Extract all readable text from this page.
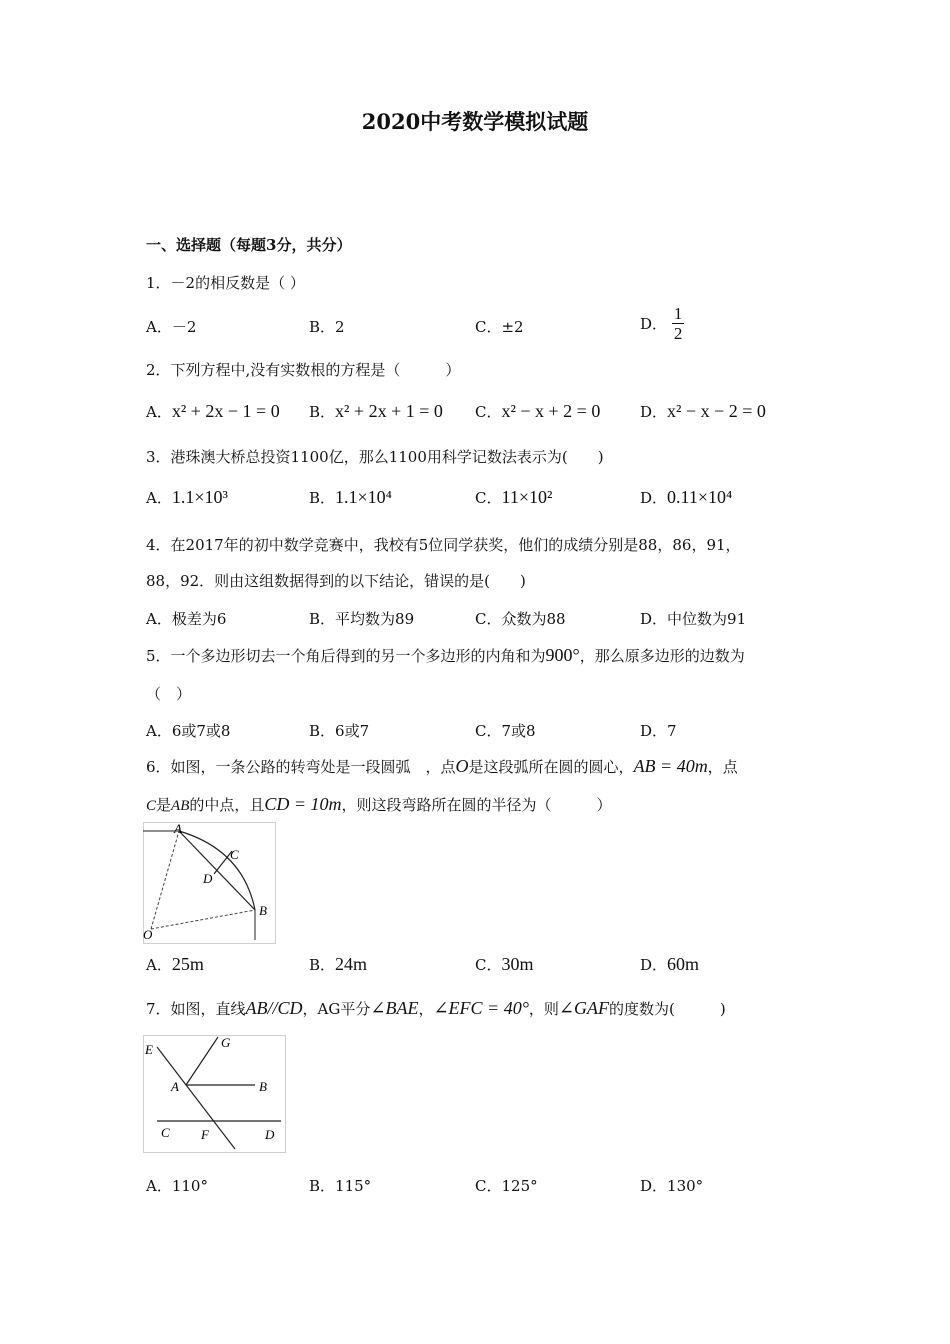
2020中考数学模拟试题
一、选择题（每题3分，共分）
1．－2的相反数是（ ）
A．－2	B．2	C．±2	D． $\frac{1}{2}$
2．下列方程中,没有实数根的方程是（　　　）
A．x² + 2x − 1 = 0 B．x² + 2x + 1 = 0 C．x² − x + 2 = 0	D．x² − x − 2 = 0
3．港珠澳大桥总投资1100亿，那么1100用科学记数法表示为(　　)
A．1.1×10³	B．1.1×10⁴	C．11×10²	D．0.11×10⁴
4．在2017年的初中数学竞赛中，我校有5位同学获奖，他们的成绩分别是88，86，91，
88，92．则由这组数据得到的以下结论，错误的是(　　)
A．极差为6	B．平均数为89	C．众数为88	D．中位数为91
5．一个多边形切去一个角后得到的另一个多边形的内角和为900°，那么原多边形的边数为
（　）
A．6或7或8	B．6或7	C．7或8	D．7
6．如图，一条公路的转弯处是一段圆弧　，点O是这段弧所在圆的圆心，AB = 40m，点
C是AB的中点，且CD = 10m，则这段弯路所在圆的半径为（　　　）
A
C
D
B
O
A．25m	B．24m	C．30m	D．60m
7．如图，直线AB//CD，AG平分∠BAE，∠EFC = 40°，则∠GAF的度数为(　　　)
E	G
A	B
C F	D
A．110°	B．115°	C．125°	D．130°
